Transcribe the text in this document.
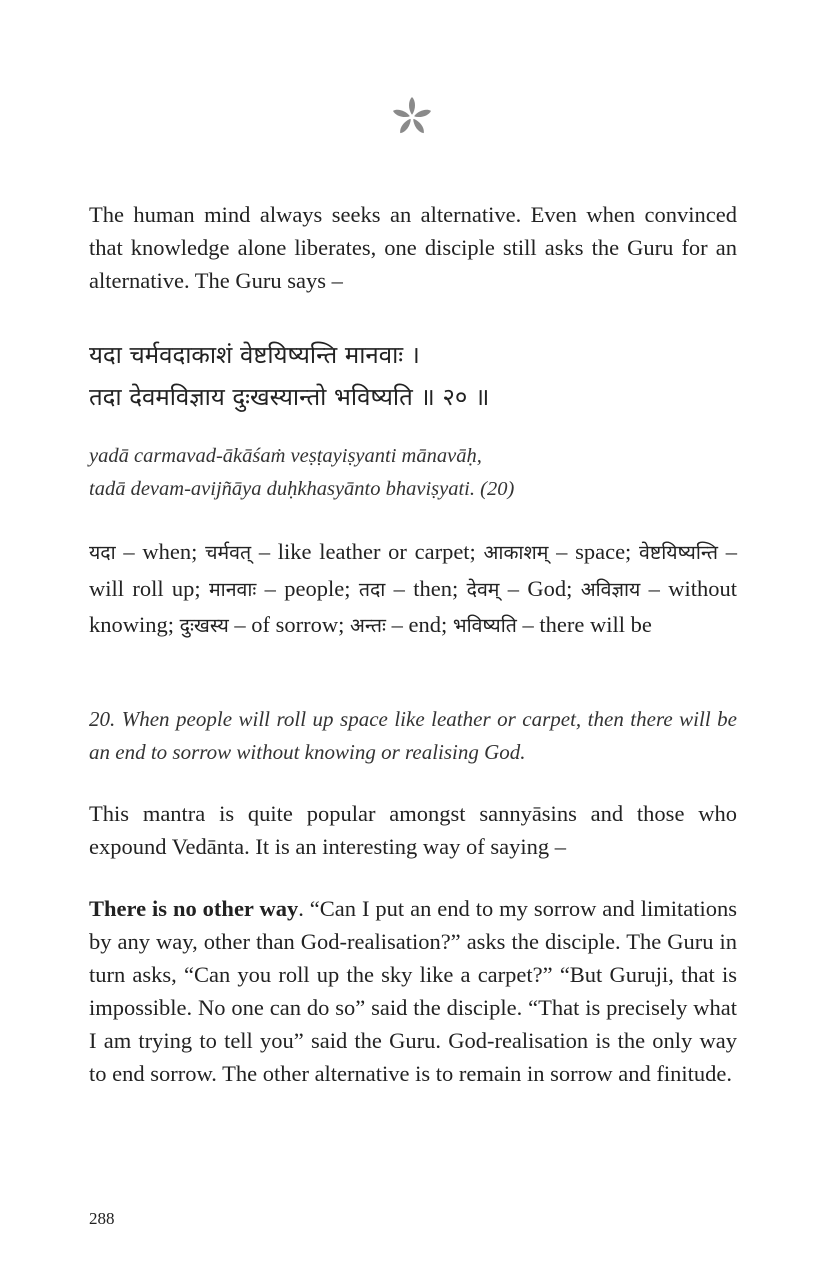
The human mind always seeks an alternative. Even when convinced that knowledge alone liberates, one disciple still asks the Guru for an alternative. The Guru says –

यदा चर्मवदाकाशं वेष्टयिष्यन्ति मानवाः ।
तदा देवमविज्ञाय दुःखस्यान्तो भविष्यति ॥ २० ॥
yadā carmavad-ākāśaṁ veṣṭayiṣyanti mānavāḥ,
tadā devam-avijñāya duḥkhasyānto bhaviṣyati. (20)

यदा – when; चर्मवत् – like leather or carpet; आकाशम् – space; वेष्टयिष्यन्ति – will roll up; मानवाः – people; तदा – then; देवम् – God; अविज्ञाय – without knowing; दुःखस्य – of sorrow; अन्तः – end; भविष्यति – there will be

20. When people will roll up space like leather or carpet, then there will be an end to sorrow without knowing or realising God.

This mantra is quite popular amongst sannyāsins and those who expound Vedānta. It is an interesting way of saying –

There is no other way. “Can I put an end to my sorrow and limitations by any way, other than God-realisation?” asks the disciple. The Guru in turn asks, “Can you roll up the sky like a carpet?” “But Guruji, that is impossible. No one can do so” said the disciple. “That is precisely what I am trying to tell you” said the Guru. God-realisation is the only way to end sorrow. The other alternative is to remain in sorrow and finitude.

288
